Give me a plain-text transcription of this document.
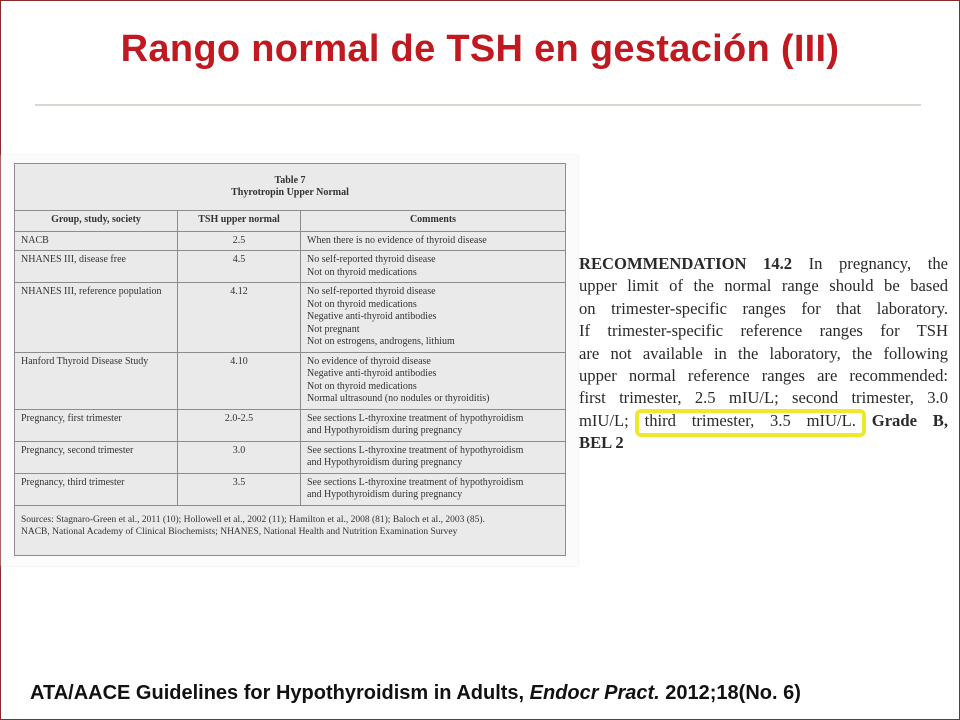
Rango normal de TSH en gestación (III)
Table 7
Thyrotropin Upper Normal		

Group, study, society	TSH upper normal	Comments
NACB	2.5	When there is no evidence of thyroid disease

NHANES III, disease free	4.5	No self-reported thyroid disease
Not on thyroid medications

NHANES III, reference population	4.12	No self-reported thyroid disease
Not on thyroid medications
Negative anti-thyroid antibodies
Not pregnant
Not on estrogens, androgens, lithium

Hanford Thyroid Disease Study	4.10	No evidence of thyroid disease
Negative anti-thyroid antibodies
Not on thyroid medications
Normal ultrasound (no nodules or thyroiditis)

Pregnancy, first trimester	2.0-2.5	See sections L-thyroxine treatment of hypothyroidism
and Hypothyroidism during pregnancy

Pregnancy, second trimester	3.0	See sections L-thyroxine treatment of hypothyroidism
and Hypothyroidism during pregnancy

Pregnancy, third trimester	3.5	See sections L-thyroxine treatment of hypothyroidism
and Hypothyroidism during pregnancy

Sources: Stagnaro-Green et al., 2011 (10); Hollowell et al., 2002 (11); Hamilton et al., 2008 (81); Baloch et al., 2003 (85).
NACB, National Academy of Clinical Biochemists; NHANES, National Health and Nutrition Examination Survey		
RECOMMENDATION 14.2 In pregnancy, the
upper limit of the normal range should be based
on trimester-specific ranges for that laboratory.
If trimester-specific reference ranges for TSH
are not available in the laboratory, the following
upper normal reference ranges are recommended:
first trimester, 2.5 mIU/L; second trimester, 3.0
mIU/L; third trimester, 3.5 mIU/L. Grade B,
BEL 2
ATA/AACE Guidelines for Hypothyroidism in Adults, Endocr Pract. 2012;18(No. 6)
